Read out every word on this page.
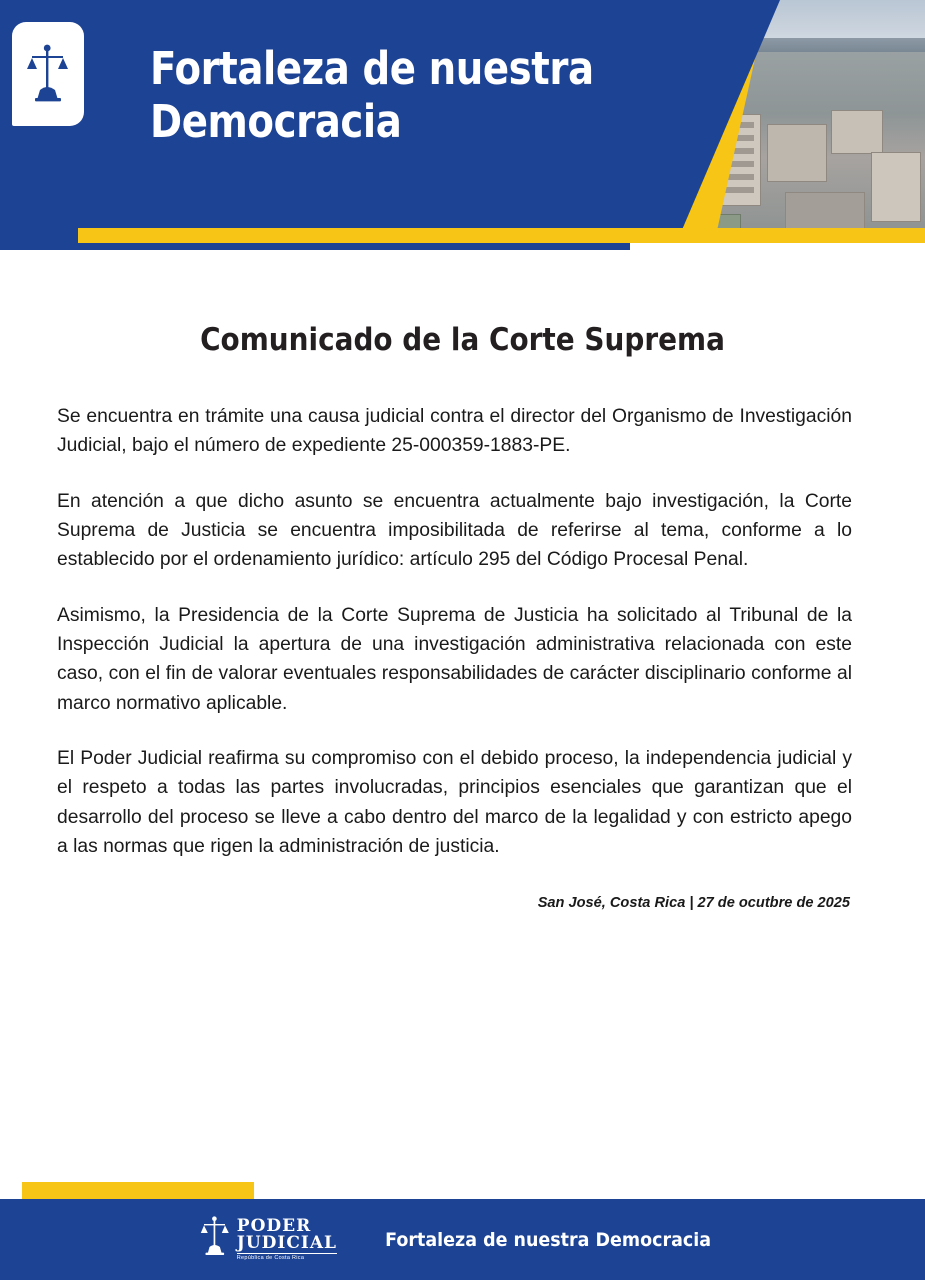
Fortaleza de nuestra
Democracia
Comunicado de la Corte Suprema

Se encuentra en trámite una causa judicial contra el director del Organismo de Investigación Judicial, bajo el número de expediente 25-000359-1883-PE.

En atención a que dicho asunto se encuentra actualmente bajo investigación, la Corte Suprema de Justicia se encuentra imposibilitada de referirse al tema, conforme a lo establecido por el ordenamiento jurídico: artículo 295 del Código Procesal Penal.

Asimismo, la Presidencia de la Corte Suprema de Justicia ha solicitado al Tribunal de la Inspección Judicial la apertura de una investigación administrativa relacionada con este caso, con el fin de valorar eventuales responsabilidades de carácter disciplinario conforme al marco normativo aplicable.

El Poder Judicial reafirma su compromiso con el debido proceso, la independencia judicial y el respeto a todas las partes involucradas, principios esenciales que garantizan que el desarrollo del proceso se lleve a cabo dentro del marco de la legalidad y con estricto apego a las normas que rigen la administración de justicia.

San José, Costa Rica | 27 de ocutbre de 2025
PODER
JUDICIAL
República de Costa Rica
Fortaleza de nuestra Democracia
